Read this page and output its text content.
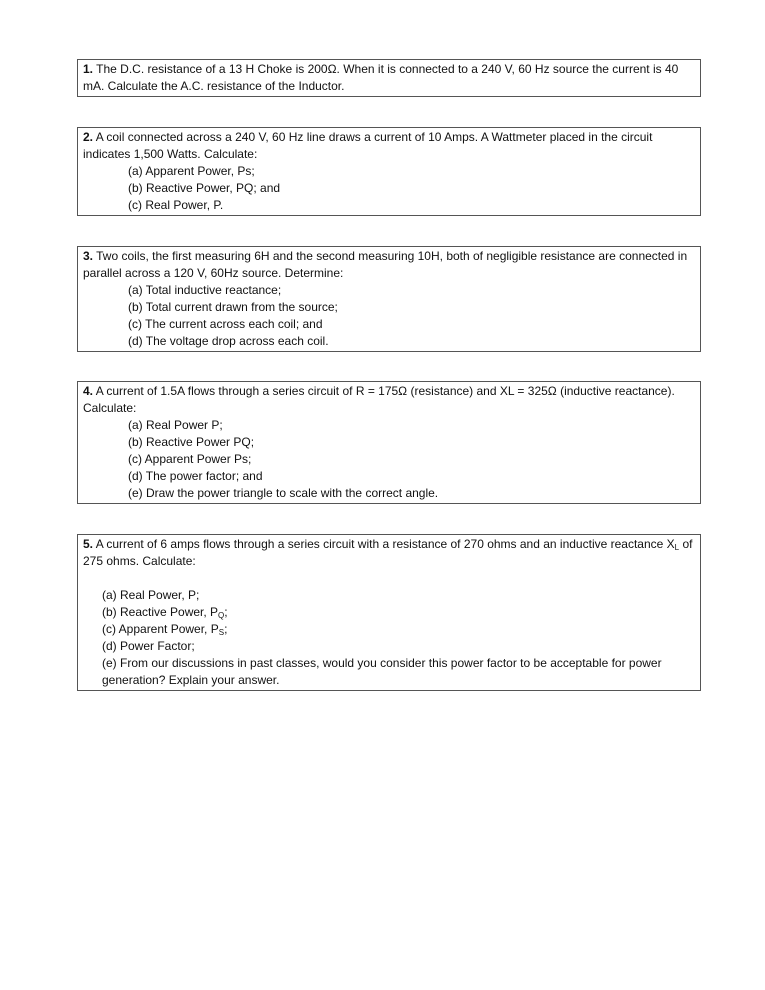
1. The D.C. resistance of a 13 H Choke is 200Ω. When it is connected to a 240 V, 60 Hz source the current is 40 mA. Calculate the A.C. resistance of the Inductor.

2. A coil connected across a 240 V, 60 Hz line draws a current of 10 Amps. A Wattmeter placed in the circuit indicates 1,500 Watts. Calculate:

(a) Apparent Power, Ps;

(b) Reactive Power, PQ; and

(c) Real Power, P.

3. Two coils, the first measuring 6H and the second measuring 10H, both of negligible resistance are connected in parallel across a 120 V, 60Hz source. Determine:

(a) Total inductive reactance;

(b) Total current drawn from the source;

(c) The current across each coil; and

(d) The voltage drop across each coil.

4. A current of 1.5A flows through a series circuit of R = 175Ω (resistance) and XL = 325Ω (inductive reactance). Calculate:

(a) Real Power P;

(b) Reactive Power PQ;

(c) Apparent Power Ps;

(d) The power factor; and

(e) Draw the power triangle to scale with the correct angle.

5. A current of 6 amps flows through a series circuit with a resistance of 270 ohms and an inductive reactance $X_L$ of 275 ohms. Calculate:

(a) Real Power, P;

(b) Reactive Power, $P_Q$;

(c) Apparent Power, $P_S$;

(d) Power Factor;

(e) From our discussions in past classes, would you consider this power factor to be acceptable for power generation? Explain your answer.
